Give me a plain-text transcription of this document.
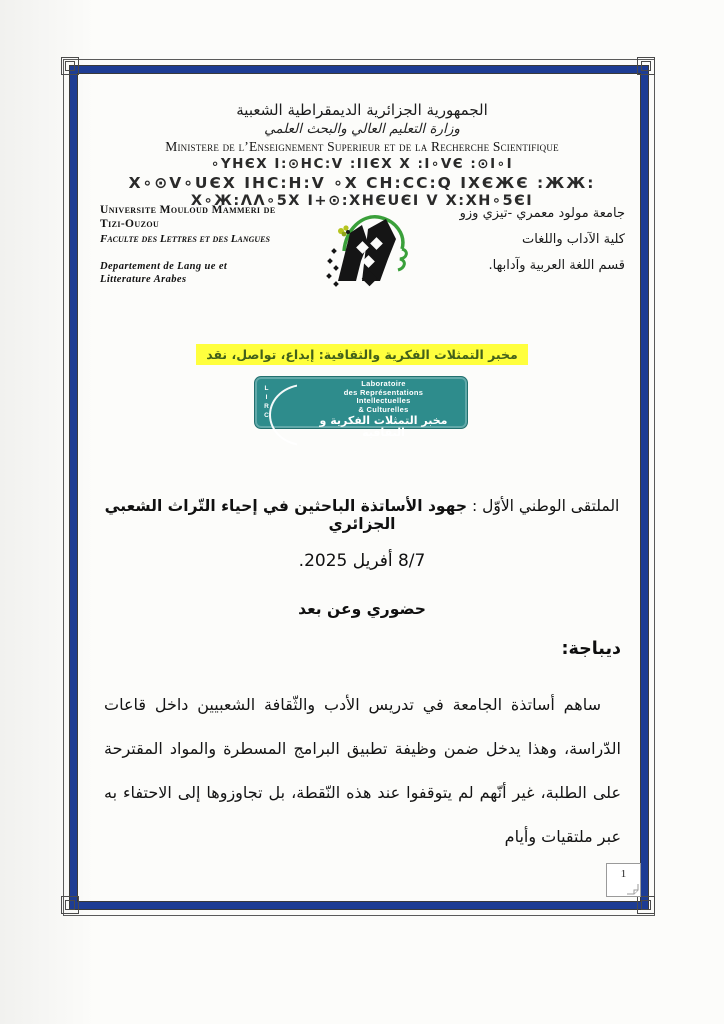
الجمهورية الجزائرية الديمقراطية الشعبية
وزارة التعليم العالي والبحث العلمي
Ministere de l’Enseignement Superieur et de la Recherche Scientifique
∘YHЄX I:⊙HC:V :IIЄX X :I∘VЄ :⊙I∘I
X∘⊙V∘UЄX IHC:H:V ∘X CH:CC:Q IXЄЖЄ :ЖЖ:
X∘Ж:ΛΛ∘5X I+⊙:XHЄUЄI V X:XH∘5ЄI
Universite Mouloud Mammeri de
Tizi-Ouzou
Faculte des Lettres et des Langues
Departement de Lang ue et
Litterature Arabes
جامعة مولود معمري -تيزي وزو
كلية الآداب واللغات
قسم اللغة العربية وآدابها.
مخبر التمثلات الفكرية والثقافية: إبداع، تواصل، نقد
LIRC
Laboratoire
des Représentations
Intellectuelles
& Culturelles
مخبر التمثلات الفكرية و الثقافية
الملتقى الوطني الأوّل : جهود الأساتذة الباحثين في إحياء التّراث الشعبي الجزائري
8/7 أفريل 2025.
حضوري وعن بعد
ديباجة:
ساهم أساتذة الجامعة في تدريس الأدب والثّقافة الشعبيين داخل قاعات الدّراسة، وهذا يدخل ضمن وظيفة تطبيق البرامج المسطرة والمواد المقترحة على الطلبة، غير أنّهم لم يتوقفوا عند هذه النّقطة، بل تجاوزوها إلى الاحتفاء به عبر ملتقيات وأيام
1
